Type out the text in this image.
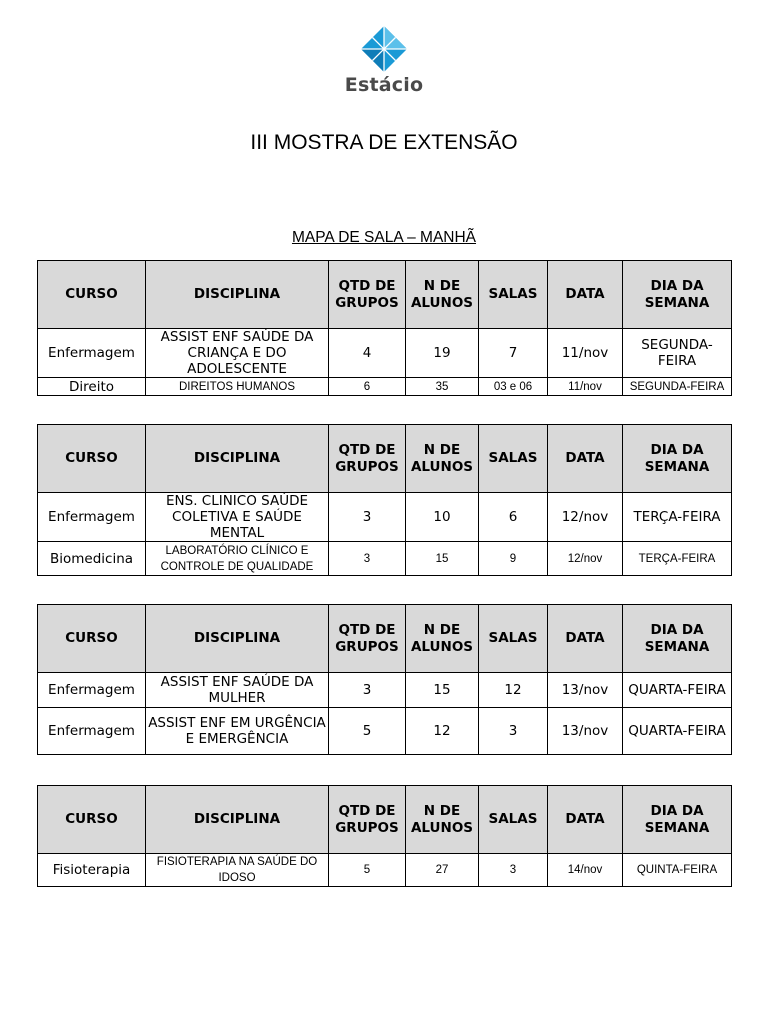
Estácio
III MOSTRA DE EXTENSÃO
MAPA DE SALA – MANHÃ
CURSO	DISCIPLINA	QTD DE GRUPOS	N DE ALUNOS	SALAS	DATA	DIA DA SEMANA
Enfermagem	ASSIST ENF SAÚDE DA CRIANÇA E DO ADOLESCENTE	4	19	7	11/nov	SEGUNDA-FEIRA
Direito	DIREITOS HUMANOS	6	35	03 e 06	11/nov	SEGUNDA-FEIRA
CURSO	DISCIPLINA	QTD DE GRUPOS	N DE ALUNOS	SALAS	DATA	DIA DA SEMANA
Enfermagem	ENS. CLINICO SAÚDE COLETIVA E SAÚDE MENTAL	3	10	6	12/nov	TERÇA-FEIRA
Biomedicina	LABORATÓRIO CLÍNICO E CONTROLE DE QUALIDADE	3	15	9	12/nov	TERÇA-FEIRA
CURSO	DISCIPLINA	QTD DE GRUPOS	N DE ALUNOS	SALAS	DATA	DIA DA SEMANA
Enfermagem	ASSIST ENF SAÚDE DA MULHER	3	15	12	13/nov	QUARTA-FEIRA
Enfermagem	ASSIST ENF EM URGÊNCIA E EMERGÊNCIA	5	12	3	13/nov	QUARTA-FEIRA
CURSO	DISCIPLINA	QTD DE GRUPOS	N DE ALUNOS	SALAS	DATA	DIA DA SEMANA
Fisioterapia	FISIOTERAPIA NA SAÚDE DO IDOSO	5	27	3	14/nov	QUINTA-FEIRA
